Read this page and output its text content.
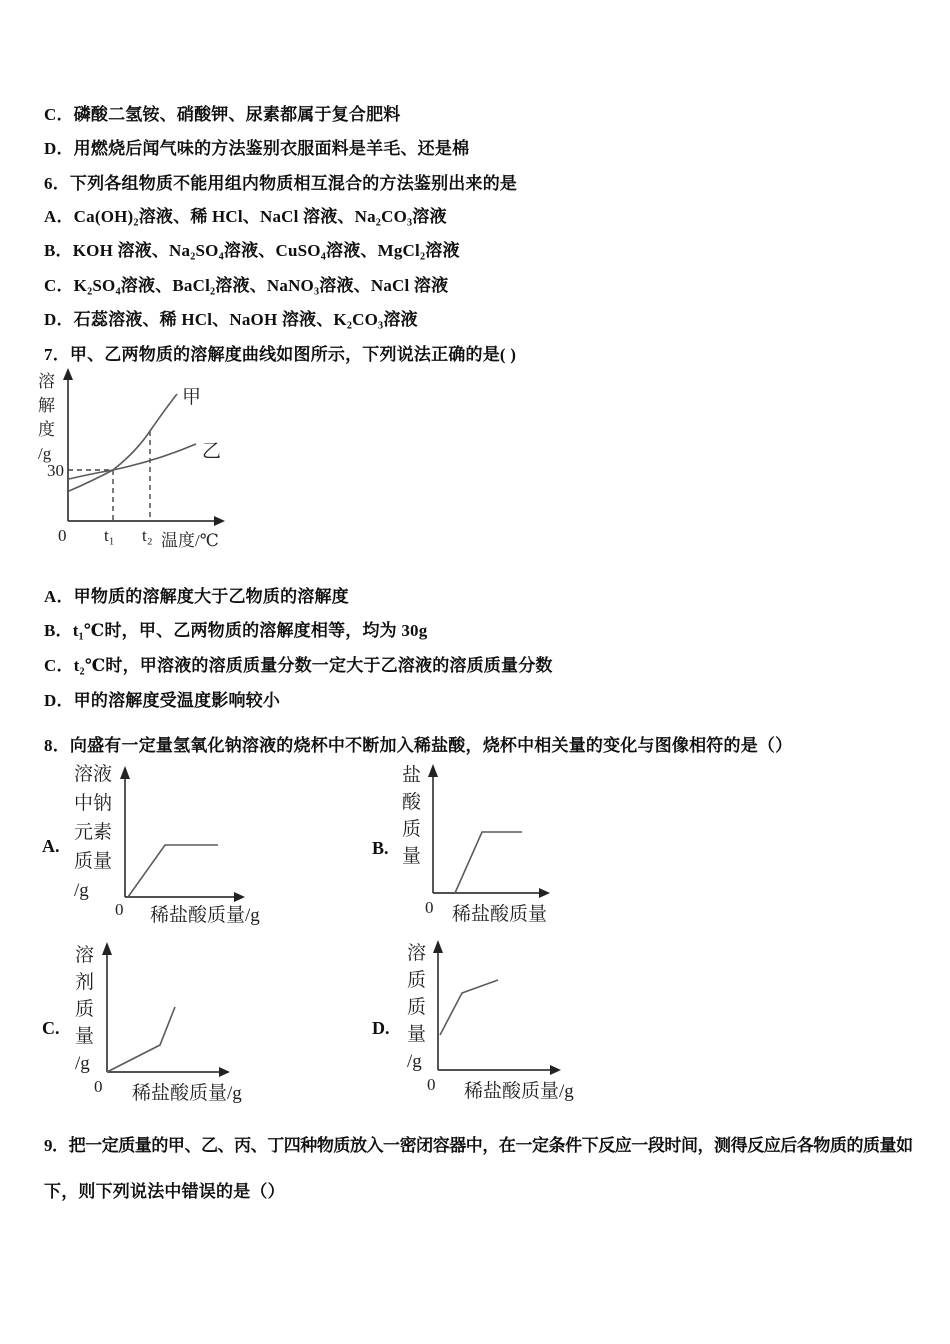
C．磷酸二氢铵、硝酸钾、尿素都属于复合肥料
D．用燃烧后闻气味的方法鉴别衣服面料是羊毛、还是棉
6．下列各组物质不能用组内物质相互混合的方法鉴别出来的是
A．Ca(OH)₂溶液、稀 HCl、NaCl 溶液、Na₂CO₃溶液
B．KOH 溶液、Na₂SO₄溶液、CuSO₄溶液、MgCl₂溶液
C．K₂SO₄溶液、BaCl₂溶液、NaNO₃溶液、NaCl 溶液
D．石蕊溶液、稀 HCl、NaOH 溶液、K₂CO₃溶液
7．甲、乙两物质的溶解度曲线如图所示，下列说法正确的是( )
溶
解
度
/g
30
甲
乙
0 t₁ t₂ 温度/℃
A．甲物质的溶解度大于乙物质的溶解度
B．t₁℃时，甲、乙两物质的溶解度相等，均为 30g
C．t₂℃时，甲溶液的溶质质量分数一定大于乙溶液的溶质质量分数
D．甲的溶解度受温度影响较小
8．向盛有一定量氢氧化钠溶液的烧杯中不断加入稀盐酸，烧杯中相关量的变化与图像相符的是（）
A.
溶液
中钠
元素
质量
/g
0 稀盐酸质量/g
B.
盐
酸
质
量
0 稀盐酸质量
C.
溶
剂
质
量
/g
0 稀盐酸质量/g
D.
溶
质
质
量
/g
0 稀盐酸质量/g
9．把一定质量的甲、乙、丙、丁四种物质放入一密闭容器中，在一定条件下反应一段时间，测得反应后各物质的质量如
下，则下列说法中错误的是（）
